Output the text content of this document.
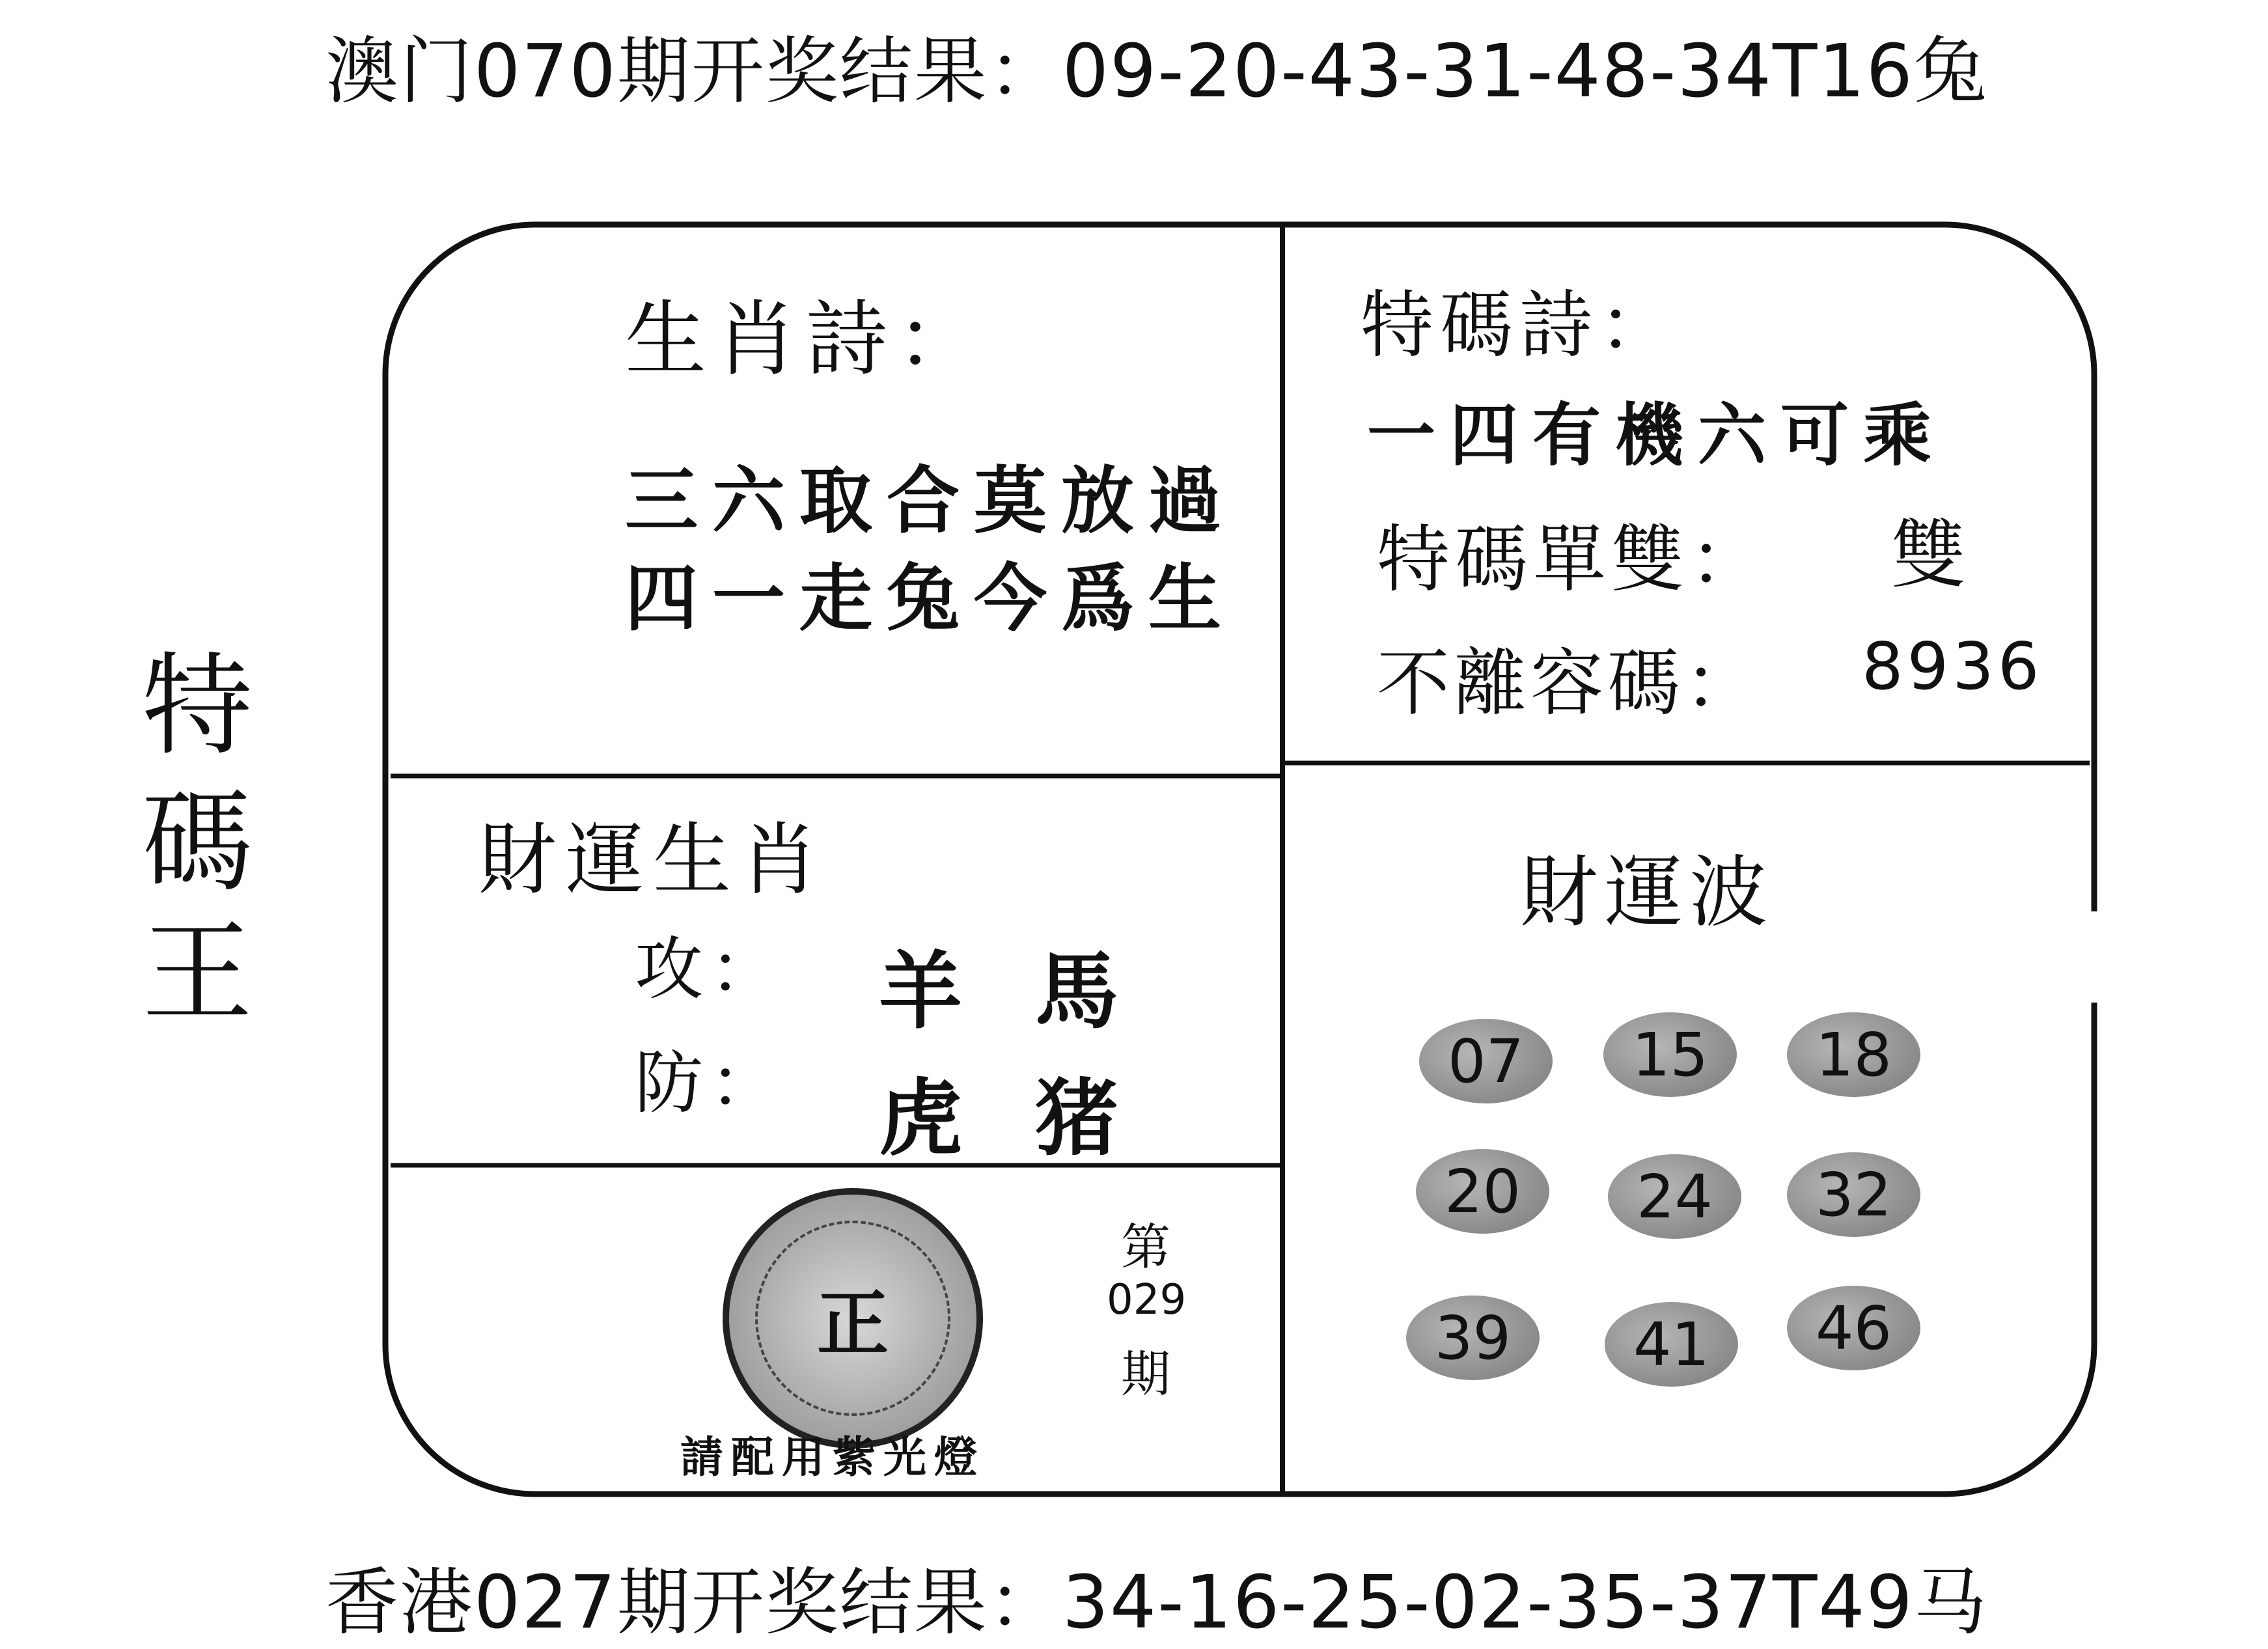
澳门070期开奖结果：09-20-43-31-48-34T16兔
特
碼
王
生肖詩：
三六取合莫放過
四一走兔今爲生
特碼詩：
一四有機六可乘
特碼單雙： 雙
不離容碼： 8936
財運生肖
攻： 羊 馬
防： 虎 猪
財運波
07	15	18
20	24	32
39	41	46
正
第
029
期
請配用紫光燈
香港027期开奖结果：34-16-25-02-35-37T49马
